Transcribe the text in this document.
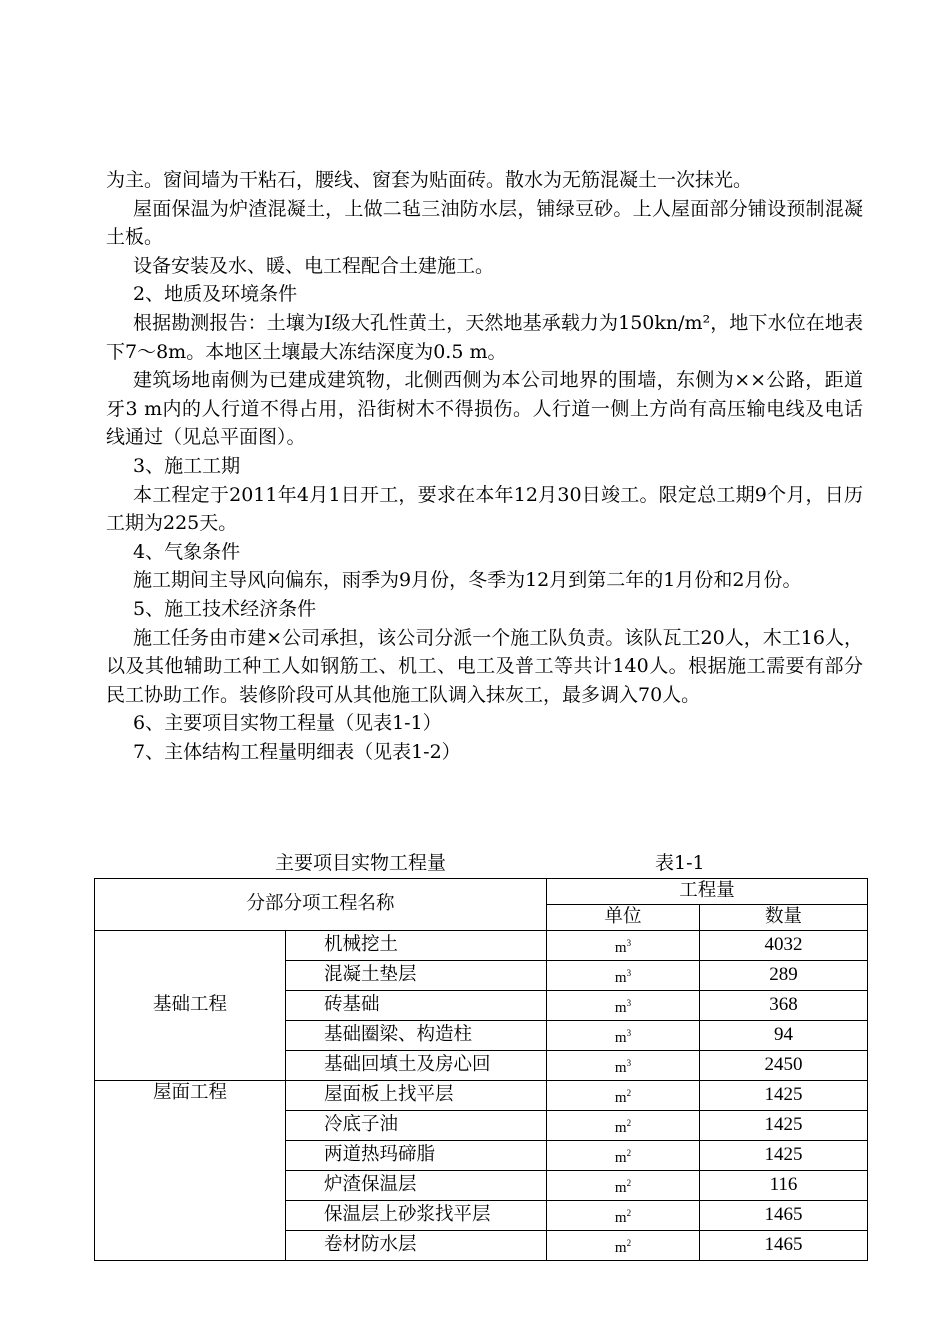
为主。窗间墙为干粘石，腰线、窗套为贴面砖。散水为无筋混凝土一次抹光。

屋面保温为炉渣混凝土，上做二毡三油防水层，铺绿豆砂。上人屋面部分铺设预制混凝土板。

设备安装及水、暖、电工程配合土建施工。

2、地质及环境条件

根据勘测报告：土壤为Ⅰ级大孔性黄土，天然地基承载力为150kn/m²，地下水位在地表下7～8m。本地区土壤最大冻结深度为0.5 m。

建筑场地南侧为已建成建筑物，北侧西侧为本公司地界的围墙，东侧为××公路，距道牙3 m内的人行道不得占用，沿街树木不得损伤。人行道一侧上方尚有高压输电线及电话线通过（见总平面图）。

3、施工工期

本工程定于2011年4月1日开工，要求在本年12月30日竣工。限定总工期9个月，日历工期为225天。

4、气象条件

施工期间主导风向偏东，雨季为9月份，冬季为12月到第二年的1月份和2月份。

5、施工技术经济条件

施工任务由市建×公司承担，该公司分派一个施工队负责。该队瓦工20人，木工16人，以及其他辅助工种工人如钢筋工、机工、电工及普工等共计140人。根据施工需要有部分民工协助工作。装修阶段可从其他施工队调入抹灰工，最多调入70人。

6、主要项目实物工程量（见表1-1）

7、主体结构工程量明细表（见表1-2）

主要项目实物工程量	表1-1
分部分项工程名称		工程量	
		单位	数量
基础工程	机械挖土	$m^3$	4032
	混凝土垫层	$m^3$	289
	砖基础	$m^3$	368
	基础圈梁、构造柱	$m^3$	94
	基础回填土及房心回	$m^3$	2450
屋面工程	屋面板上找平层	$m^2$	1425
	冷底子油	$m^2$	1425
	两道热玛碲脂	$m^2$	1425
	炉渣保温层	$m^2$	116
	保温层上砂浆找平层	$m^2$	1465
	卷材防水层	$m^2$	1465
